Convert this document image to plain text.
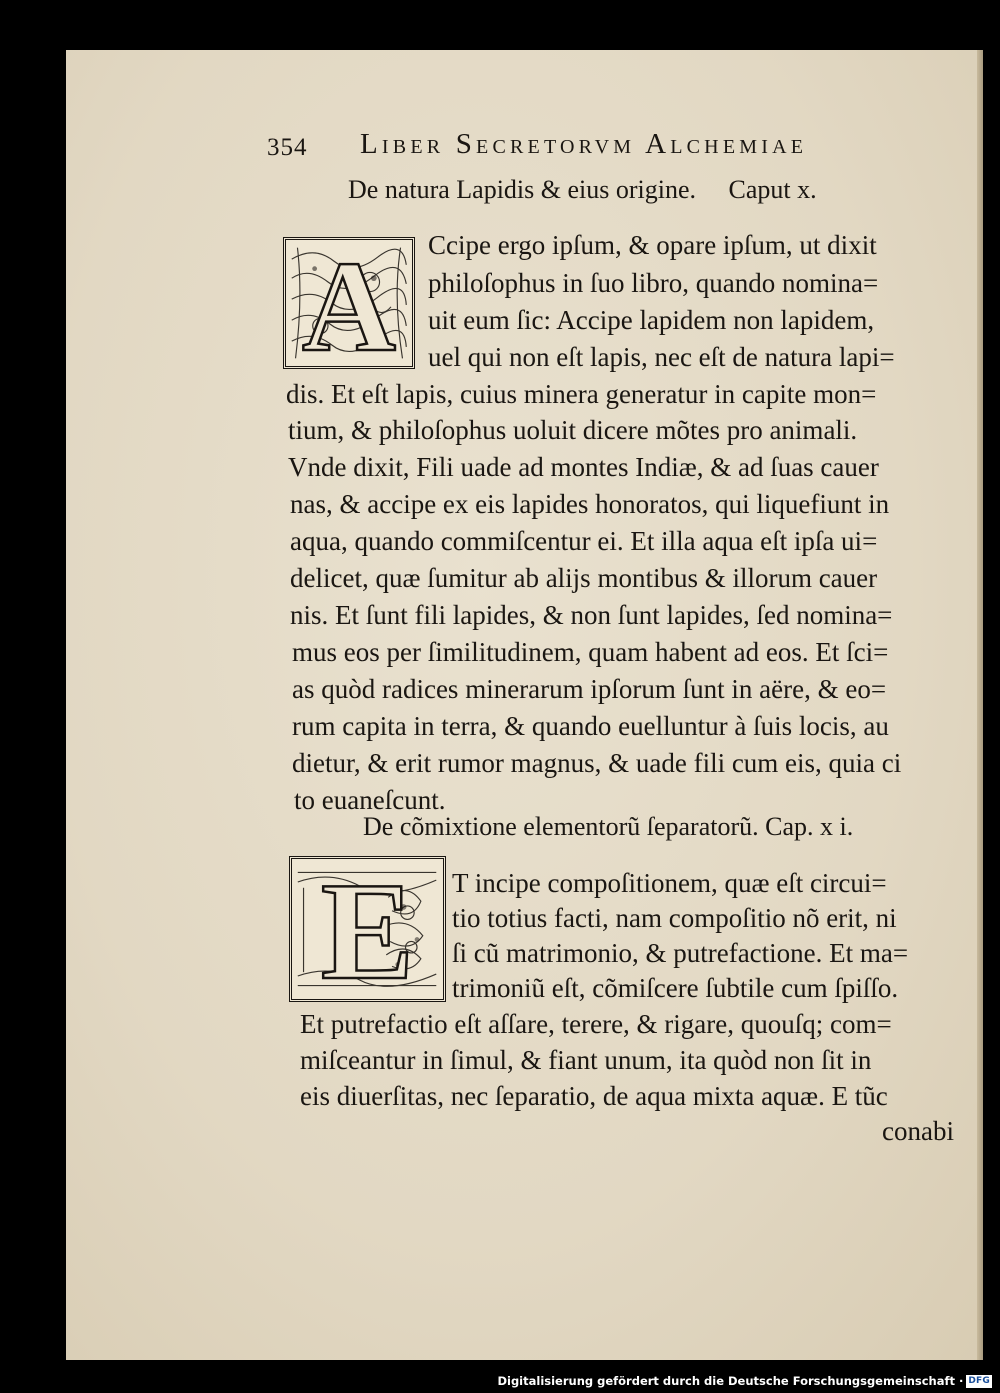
354 Liber Secretorvm Alchemiae
De natura Lapidis & eius origine.     Caput x.
A	Ccipe ergo ipſum, & opare ipſum, ut dixit
philoſophus in ſuo libro, quando nomina=
uit eum ſic: Accipe lapidem non lapidem,
uel qui non eſt lapis, nec eſt de natura lapi=
dis. Et eſt lapis, cuius minera generatur in capite mon=
tium, & philoſophus uoluit dicere mõtes pro animali.
Vnde dixit, Fili uade ad montes Indiæ, & ad ſuas cauer
nas, & accipe ex eis lapides honoratos, qui liquefiunt in
aqua, quando commiſcentur ei. Et illa aqua eſt ipſa ui=
delicet, quæ ſumitur ab alijs montibus & illorum cauer
nis. Et ſunt fili lapides, & non ſunt lapides, ſed nomina=
mus eos per ſimilitudinem, quam habent ad eos. Et ſci=
as quòd radices minerarum ipſorum ſunt in aëre, & eo=
rum capita in terra, & quando euelluntur à ſuis locis, au
dietur, & erit rumor magnus, & uade fili cum eis, quia ci
to euaneſcunt.
De cõmixtione elementorũ ſeparatorũ. Cap. x i.
E	T incipe compoſitionem, quæ eſt circui=
tio totius facti, nam compoſitio nõ erit, ni
ſi cũ matrimonio, & putrefactione. Et ma=
trimoniũ eſt, cõmiſcere ſubtile cum ſpiſſo.
Et putrefactio eſt aſſare, terere, & rigare, quouſq; com=
miſceantur in ſimul, & fiant unum, ita quòd non ſit in
eis diuerſitas, nec ſeparatio, de aqua mixta aquæ. E tũc
conabi
Digitalisierung gefördert durch die Deutsche Forschungsgemeinschaft · DFG
